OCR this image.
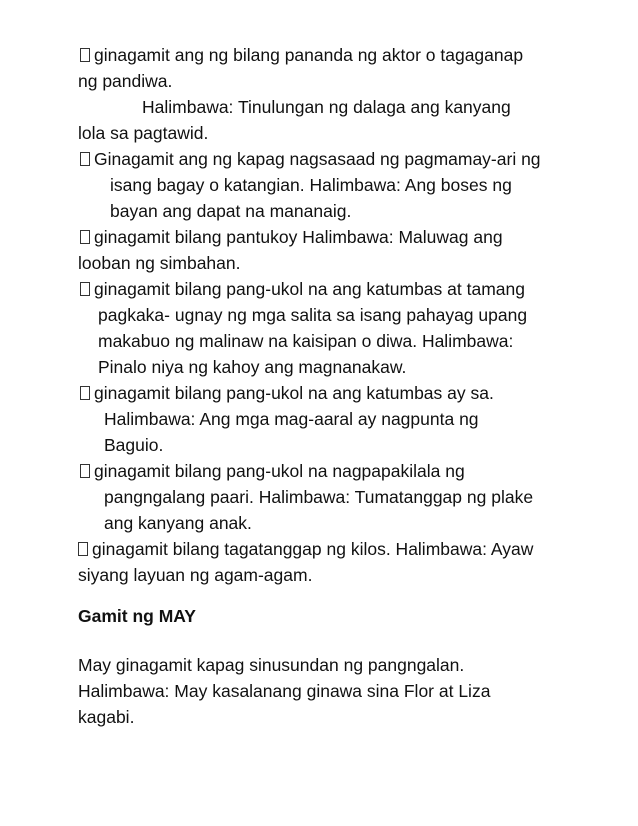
ginagamit ang ng bilang pananda ng aktor o tagaganap
ng pandiwa.
Halimbawa: Tinulungan ng dalaga ang kanyang
lola sa pagtawid.
Ginagamit ang ng kapag nagsasaad ng pagmamay-ari ng
isang bagay o katangian. Halimbawa: Ang boses ng
bayan ang dapat na mananaig.
ginagamit bilang pantukoy Halimbawa: Maluwag ang
looban ng simbahan.
ginagamit bilang pang-ukol na ang katumbas at tamang
pagkaka- ugnay ng mga salita sa isang pahayag upang
makabuo ng malinaw na kaisipan o diwa. Halimbawa:
Pinalo niya ng kahoy ang magnanakaw.
ginagamit bilang pang-ukol na ang katumbas ay sa.
Halimbawa: Ang mga mag-aaral ay nagpunta ng
Baguio.
ginagamit bilang pang-ukol na nagpapakilala ng
pangngalang paari. Halimbawa: Tumatanggap ng plake
ang kanyang anak.
ginagamit bilang tagatanggap ng kilos. Halimbawa: Ayaw
siyang layuan ng agam-agam.
Gamit ng MAY
May ginagamit kapag sinusundan ng pangngalan.
Halimbawa: May kasalanang ginawa sina Flor at Liza
kagabi.
